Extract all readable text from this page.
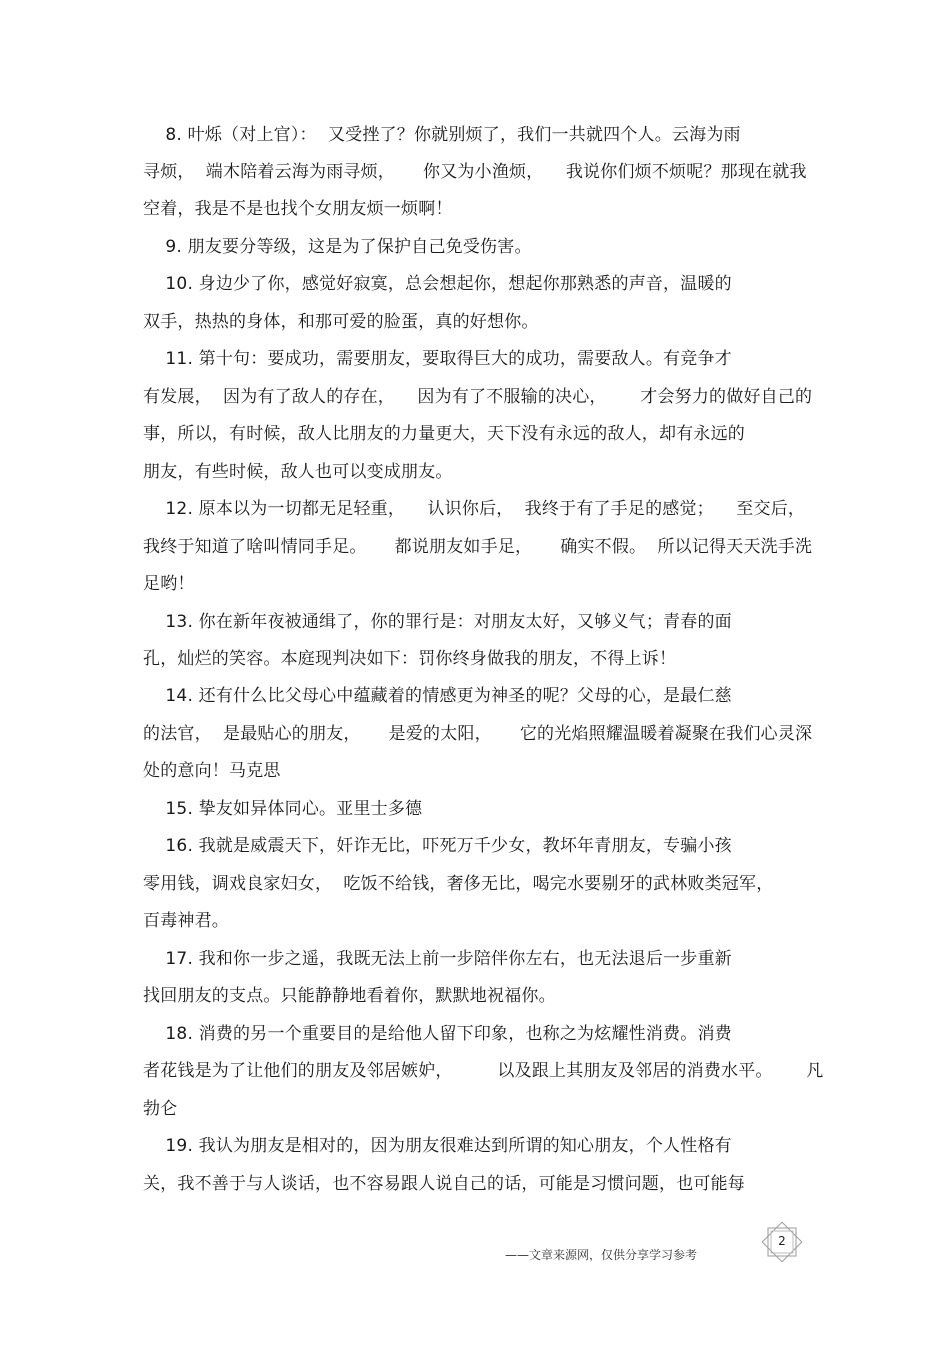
8. 叶烁（对上官）：  又受挫了？你就别烦了，我们一共就四个人。云海为雨
寻烦，  端木陪着云海为雨寻烦，     你又为小渔烦，    我说你们烦不烦呢？那现在就我
空着，我是不是也找个女朋友烦一烦啊！
9. 朋友要分等级，这是为了保护自己免受伤害。
10. 身边少了你，感觉好寂寞，总会想起你，想起你那熟悉的声音，温暖的
双手，热热的身体，和那可爱的脸蛋，真的好想你。
11. 第十句：要成功，需要朋友，要取得巨大的成功，需要敌人。有竞争才
有发展，  因为有了敌人的存在，    因为有了不服输的决心，      才会努力的做好自己的
事，所以，有时候，敌人比朋友的力量更大，天下没有永远的敌人，却有永远的
朋友，有些时候，敌人也可以变成朋友。
12. 原本以为一切都无足轻重，    认识你后，  我终于有了手足的感觉；    至交后，
我终于知道了啥叫情同手足。     都说朋友如手足，     确实不假。  所以记得天天洗手洗
足哟！
13. 你在新年夜被通缉了，你的罪行是：对朋友太好，又够义气；青春的面
孔，灿烂的笑容。本庭现判决如下：罚你终身做我的朋友，不得上诉！
14. 还有什么比父母心中蕴藏着的情感更为神圣的呢？父母的心，是最仁慈
的法官，  是最贴心的朋友，     是爱的太阳，     它的光焰照耀温暖着凝聚在我们心灵深
处的意向！马克思
15. 挚友如异体同心。亚里士多德
16. 我就是威震天下，奸诈无比，吓死万千少女，教坏年青朋友，专骗小孩
零用钱，调戏良家妇女，  吃饭不给钱，奢侈无比，喝完水要剔牙的武林败类冠军，
百毒神君。
17. 我和你一步之遥，我既无法上前一步陪伴你左右，也无法退后一步重新
找回朋友的支点。只能静静地看着你，默默地祝福你。
18. 消费的另一个重要目的是给他人留下印象，也称之为炫耀性消费。消费
者花钱是为了让他们的朋友及邻居嫉妒，        以及跟上其朋友及邻居的消费水平。      凡
勃仑
19. 我认为朋友是相对的，因为朋友很难达到所谓的知心朋友，个人性格有
关，我不善于与人谈话，也不容易跟人说自己的话，可能是习惯问题，也可能每
——文章来源网，仅供分享学习参考
2
